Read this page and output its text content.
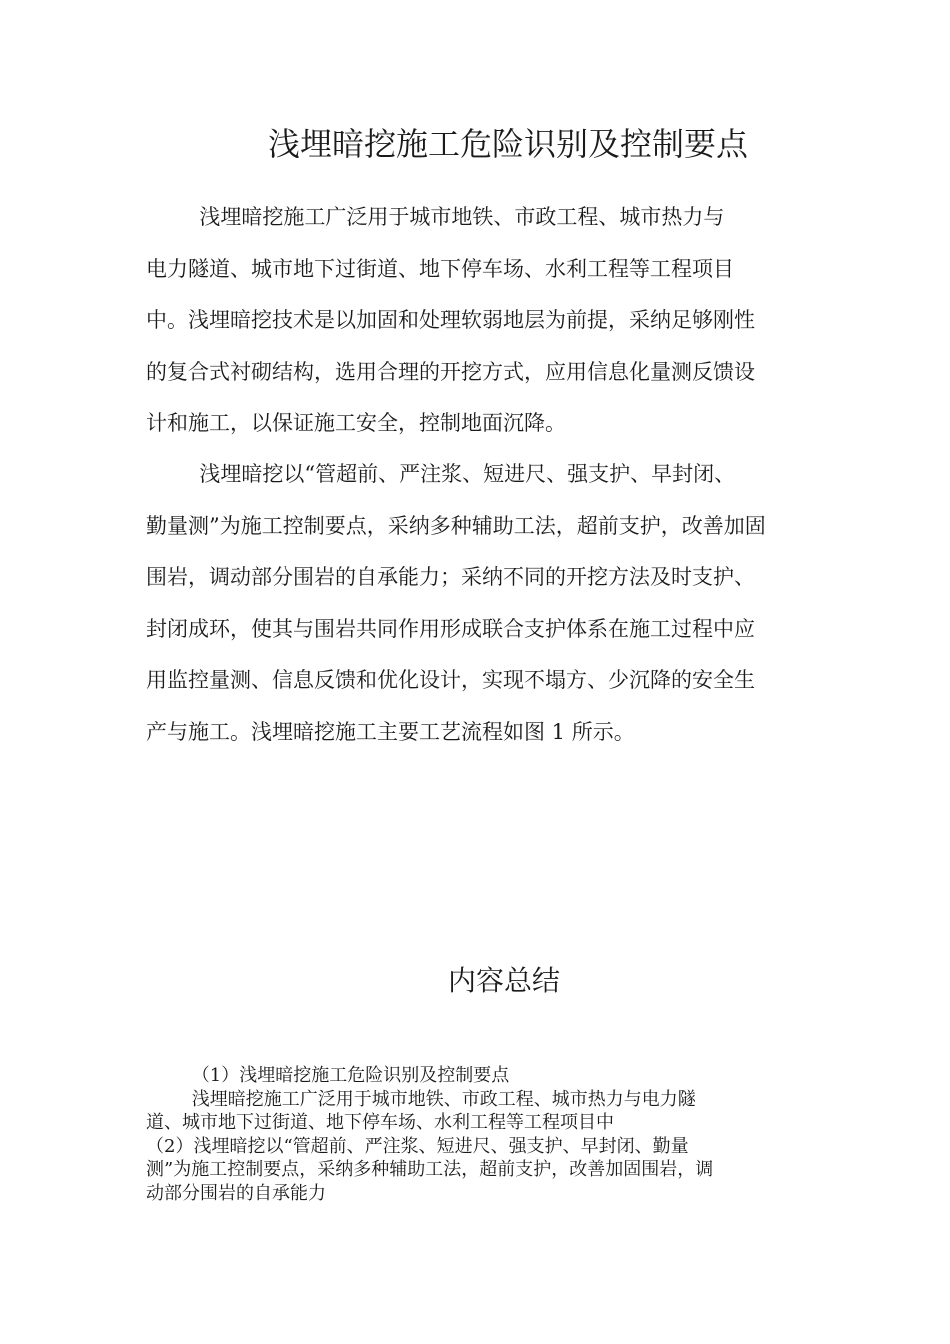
浅埋暗挖施工危险识别及控制要点

浅埋暗挖施工广泛用于城市地铁、市政工程、城市热力与
电力隧道、城市地下过街道、地下停车场、水利工程等工程项目
中。浅埋暗挖技术是以加固和处理软弱地层为前提，采纳足够刚性
的复合式衬砌结构，选用合理的开挖方式，应用信息化量测反馈设
计和施工，以保证施工安全，控制地面沉降。

浅埋暗挖以“管超前、严注浆、短进尺、强支护、早封闭、
勤量测”为施工控制要点，采纳多种辅助工法，超前支护，改善加固
围岩，调动部分围岩的自承能力；采纳不同的开挖方法及时支护、
封闭成环，使其与围岩共同作用形成联合支护体系在施工过程中应
用监控量测、信息反馈和优化设计，实现不塌方、少沉降的安全生
产与施工。浅埋暗挖施工主要工艺流程如图 1 所示。

内容总结
（1）浅埋暗挖施工危险识别及控制要点
浅埋暗挖施工广泛用于城市地铁、市政工程、城市热力与电力隧
道、城市地下过街道、地下停车场、水利工程等工程项目中
（2）浅埋暗挖以“管超前、严注浆、短进尺、强支护、早封闭、勤量
测”为施工控制要点，采纳多种辅助工法，超前支护，改善加固围岩，调
动部分围岩的自承能力
